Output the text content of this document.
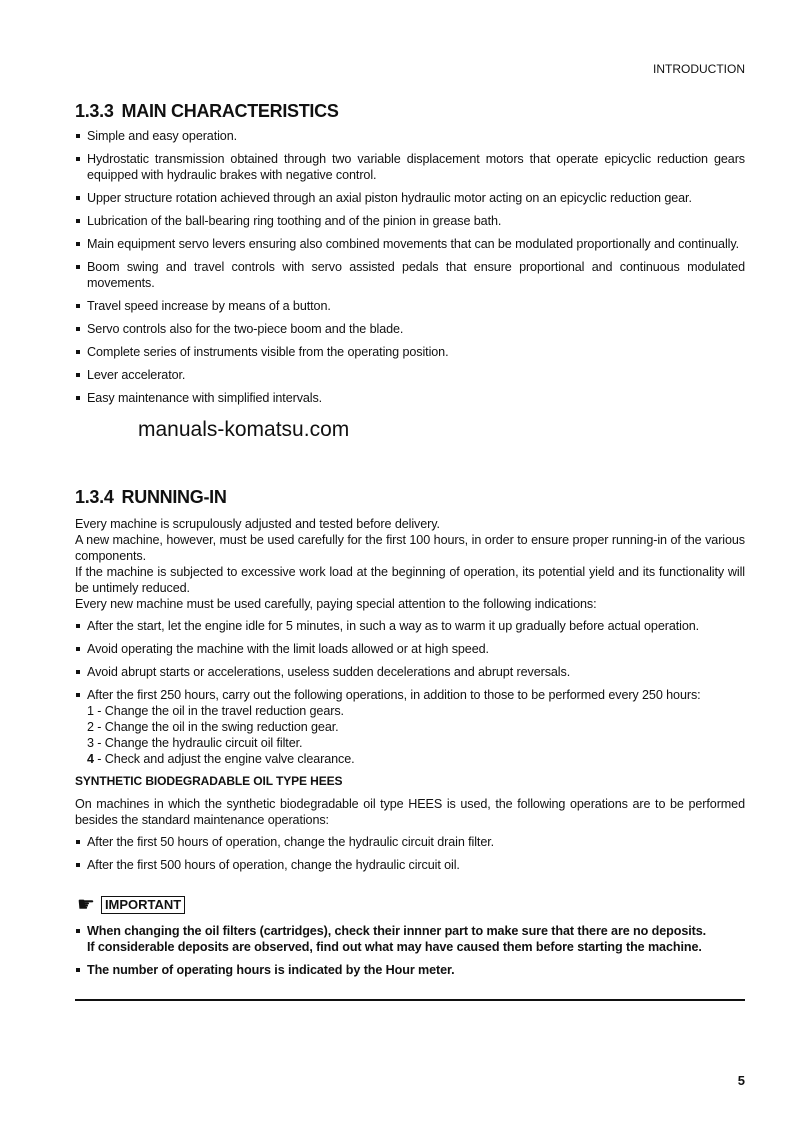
INTRODUCTION
1.3.3 MAIN CHARACTERISTICS
Simple and easy operation.
Hydrostatic transmission obtained through two variable displacement motors that operate epicyclic reduction gears equipped with hydraulic brakes with negative control.
Upper structure rotation achieved through an axial piston hydraulic motor acting on an epicyclic reduction gear.
Lubrication of the ball-bearing ring toothing and of the pinion in grease bath.
Main equipment servo levers ensuring also combined movements that can be modulated proportionally and continually.
Boom swing and travel controls with servo assisted pedals that ensure proportional and continuous modulated movements.
Travel speed increase by means of a button.
Servo controls also for the two-piece boom and the blade.
Complete series of instruments visible from the operating position.
Lever accelerator.
Easy maintenance with simplified intervals.
manuals-komatsu.com
1.3.4 RUNNING-IN
Every machine is scrupulously adjusted and tested before delivery.
A new machine, however, must be used carefully for the first 100 hours, in order to ensure proper running-in of the various components.
If the machine is subjected to excessive work load at the beginning of operation, its potential yield and its functionality will be untimely reduced.
Every new machine must be used carefully, paying special attention to the following indications:
After the start, let the engine idle for 5 minutes, in such a way as to warm it up gradually before actual operation.
Avoid operating the machine with the limit loads allowed or at high speed.
Avoid abrupt starts or accelerations, useless sudden decelerations and abrupt reversals.
After the first 250 hours, carry out the following operations, in addition to those to be performed every 250 hours:
1 - Change the oil in the travel reduction gears.
2 - Change the oil in the swing reduction gear.
3 - Change the hydraulic circuit oil filter.
4 - Check and adjust the engine valve clearance.
SYNTHETIC BIODEGRADABLE OIL TYPE HEES
On machines in which the synthetic biodegradable oil type HEES is used, the following operations are to be performed besides the standard maintenance operations:
After the first 50 hours of operation, change the hydraulic circuit drain filter.
After the first 500 hours of operation, change the hydraulic circuit oil.
☛ IMPORTANT
When changing the oil filters (cartridges), check their innner part to make sure that there are no deposits.
If considerable deposits are observed, find out what may have caused them before starting the machine.
The number of operating hours is indicated by the Hour meter.
5
